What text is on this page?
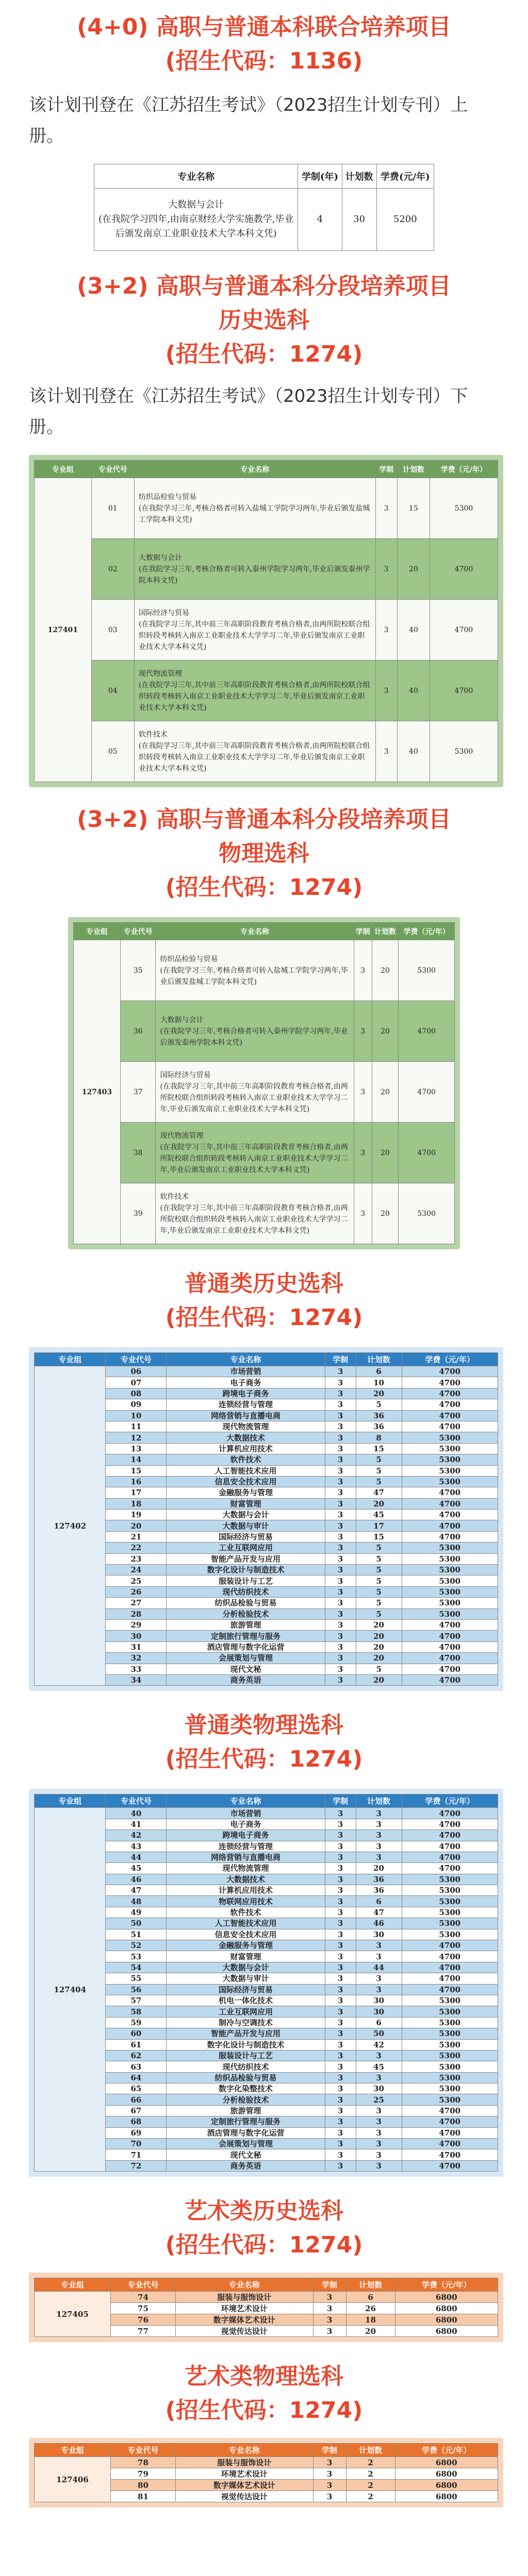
(4+0) 高职与普通本科联合培养项目
(招生代码：1136)
该计划刊登在《江苏招生考试》（2023招生计划专刊）上册。
专业名称	学制(年)	计划数	学费(元/年)
大数据与会计
(在我院学习四年,由南京财经大学实施教学,毕业后颁发南京工业职业技术大学本科文凭)	4	30	5200
(3+2) 高职与普通本科分段培养项目
历史选科
(招生代码：1274)
该计划刊登在《江苏招生考试》（2023招生计划专刊）下册。
专业组	专业代号	专业名称	学制	计划数	学费（元/年）
127401	01	纺织品检验与贸易
(在我院学习三年,考核合格者可转入盐城工学院学习两年,毕业后颁发盐城工学院本科文凭)	3	15	5300
	02	大数据与会计
(在我院学习三年,考核合格者可转入泰州学院学习两年,毕业后颁发泰州学院本科文凭)	3	20	4700
	03	国际经济与贸易
(在我院学习三年,其中前三年高职阶段教育考核合格者,由两所院校联合组织转段考核转入南京工业职业技术大学学习二年,毕业后颁发南京工业职业技术大学本科文凭)	3	40	4700
	04	现代物流管理
(在我院学习三年,其中前三年高职阶段教育考核合格者,由两所院校联合组织转段考核转入南京工业职业技术大学学习二年,毕业后颁发南京工业职业技术大学本科文凭)	3	40	4700
	05	软件技术
(在我院学习三年,其中前三年高职阶段教育考核合格者,由两所院校联合组织转段考核转入南京工业职业技术大学学习二年,毕业后颁发南京工业职业技术大学本科文凭)	3	40	5300
(3+2) 高职与普通本科分段培养项目
物理选科
(招生代码：1274)
专业组	专业代号	专业名称	学制	计划数	学费（元/年）
127403	35	纺织品检验与贸易
(在我院学习三年,考核合格者可转入盐城工学院学习两年,毕业后颁发盐城工学院本科文凭)	3	20	5300
	36	大数据与会计
(在我院学习三年,考核合格者可转入泰州学院学习两年,毕业后颁发泰州学院本科文凭)	3	20	4700
	37	国际经济与贸易
(在我院学习三年,其中前三年高职阶段教育考核合格者,由两所院校联合组织转段考核转入南京工业职业技术大学学习二年,毕业后颁发南京工业职业技术大学本科文凭)	3	20	4700
	38	现代物流管理
(在我院学习三年,其中前三年高职阶段教育考核合格者,由两所院校联合组织转段考核转入南京工业职业技术大学学习二年,毕业后颁发南京工业职业技术大学本科文凭)	3	20	4700
	39	软件技术
(在我院学习三年,其中前三年高职阶段教育考核合格者,由两所院校联合组织转段考核转入南京工业职业技术大学学习二年,毕业后颁发南京工业职业技术大学本科文凭)	3	20	5300
普通类历史选科
(招生代码：1274)
专业组	专业代号	专业名称	学制	计划数	学费（元/年）
127402	06	市场营销	3	6	4700
	07	电子商务	3	10	4700
	08	跨境电子商务	3	20	4700
	09	连锁经营与管理	3	5	4700
	10	网络营销与直播电商	3	36	4700
	11	现代物流管理	3	36	4700
	12	大数据技术	3	8	5300
	13	计算机应用技术	3	15	5300
	14	软件技术	3	5	5300
	15	人工智能技术应用	3	5	5300
	16	信息安全技术应用	3	5	5300
	17	金融服务与管理	3	47	4700
	18	财富管理	3	20	4700
	19	大数据与会计	3	45	4700
	20	大数据与审计	3	17	4700
	21	国际经济与贸易	3	15	4700
	22	工业互联网应用	3	5	5300
	23	智能产品开发与应用	3	5	5300
	24	数字化设计与制造技术	3	5	5300
	25	服装设计与工艺	3	5	5300
	26	现代纺织技术	3	5	5300
	27	纺织品检验与贸易	3	5	5300
	28	分析检验技术	3	5	5300
	29	旅游管理	3	20	4700
	30	定制旅行管理与服务	3	20	4700
	31	酒店管理与数字化运营	3	20	4700
	32	会展策划与管理	3	20	4700
	33	现代文秘	3	5	4700
	34	商务英语	3	20	4700
普通类物理选科
(招生代码：1274)
专业组	专业代号	专业名称	学制	计划数	学费（元/年）
127404	40	市场营销	3	3	4700
	41	电子商务	3	3	4700
	42	跨境电子商务	3	3	4700
	43	连锁经营与管理	3	3	4700
	44	网络营销与直播电商	3	3	4700
	45	现代物流管理	3	20	4700
	46	大数据技术	3	36	5300
	47	计算机应用技术	3	36	5300
	48	物联网应用技术	3	6	5300
	49	软件技术	3	47	5300
	50	人工智能技术应用	3	46	5300
	51	信息安全技术应用	3	30	5300
	52	金融服务与管理	3	3	4700
	53	财富管理	3	3	4700
	54	大数据与会计	3	44	4700
	55	大数据与审计	3	3	4700
	56	国际经济与贸易	3	3	4700
	57	机电一体化技术	3	30	5300
	58	工业互联网应用	3	30	5300
	59	制冷与空调技术	3	6	5300
	60	智能产品开发与应用	3	50	5300
	61	数字化设计与制造技术	3	42	5300
	62	服装设计与工艺	3	3	5300
	63	现代纺织技术	3	45	5300
	64	纺织品检验与贸易	3	3	5300
	65	数字化染整技术	3	30	5300
	66	分析检验技术	3	25	5300
	67	旅游管理	3	3	4700
	68	定制旅行管理与服务	3	3	4700
	69	酒店管理与数字化运营	3	3	4700
	70	会展策划与管理	3	3	4700
	71	现代文秘	3	3	4700
	72	商务英语	3	3	4700
艺术类历史选科
(招生代码：1274)
专业组	专业代号	专业名称	学制	计划数	学费（元/年）
127405	74	服装与服饰设计	3	6	6800
	75	环境艺术设计	3	26	6800
	76	数字媒体艺术设计	3	18	6800
	77	视觉传达设计	3	20	6800
艺术类物理选科
(招生代码：1274)
专业组	专业代号	专业名称	学制	计划数	学费（元/年）
127406	78	服装与服饰设计	3	2	6800
	79	环境艺术设计	3	2	6800
	80	数字媒体艺术设计	3	2	6800
	81	视觉传达设计	3	2	6800
